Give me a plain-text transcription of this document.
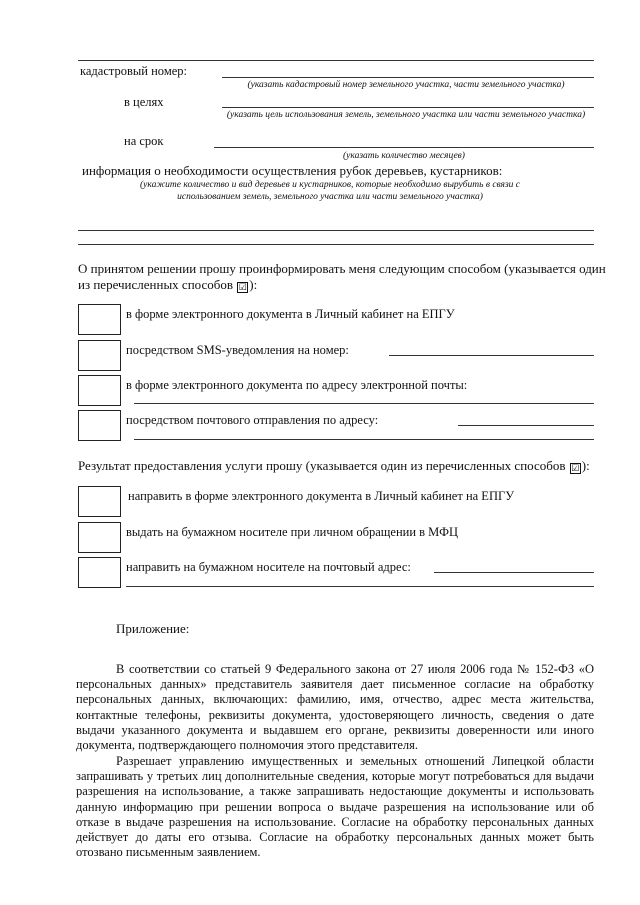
кадастровый номер:
(указать кадастровый номер земельного участка, части земельного участка)
в целях
(указать цель использования земель, земельного участка или части земельного участка)
на срок
(указать количество месяцев)
информация о необходимости осуществления рубок деревьев, кустарников:
(укажите количество и вид деревьев и кустарников, которые необходимо вырубить в связи с использованием земель, земельного участка или части земельного участка)
О принятом решении прошу проинформировать меня следующим способом (указывается один
из перечисленных способов ☑ ):
в форме электронного документа в Личный кабинет на ЕПГУ
посредством SMS-уведомления на номер:
в форме электронного документа по адресу электронной почты:
посредством почтового отправления по адресу:
Результат предоставления услуги прошу (указывается один из перечисленных способов ☑ ):
направить в форме электронного документа в Личный кабинет на ЕПГУ
выдать на бумажном носителе при личном обращении в МФЦ
направить на бумажном носителе на почтовый адрес:
Приложение:
В соответствии со статьей 9 Федерального закона от 27 июля 2006 года № 152-ФЗ «О персональных данных» представитель заявителя дает письменное согласие на обработку персональных данных, включающих: фамилию, имя, отчество, адрес места жительства, контактные телефоны, реквизиты документа, удостоверяющего личность, сведения о дате выдачи указанного документа и выдавшем его органе, реквизиты доверенности или иного документа, подтверждающего полномочия этого представителя.
Разрешает управлению имущественных и земельных отношений Липецкой области запрашивать у третьих лиц дополнительные сведения, которые могут потребоваться для выдачи разрешения на использование, а также запрашивать недостающие документы и использовать данную информацию при решении вопроса о выдаче разрешения на использование или об отказе в выдаче разрешения на использование. Согласие на обработку персональных данных действует до даты его отзыва. Согласие на обработку персональных данных может быть отозвано письменным заявлением.
